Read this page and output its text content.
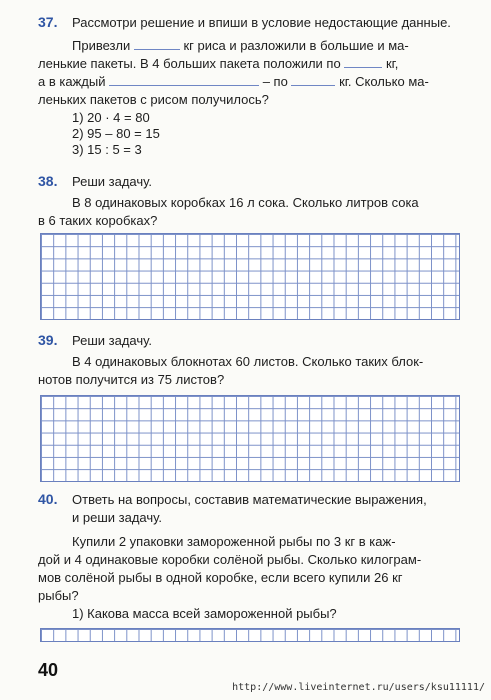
37. Рассмотри решение и впиши в условие недостающие данные.
Привезли	кг риса и разложили в большие и ма-
ленькие пакеты. В 4 больших пакета положили по	кг,
а в каждый	– по	кг. Сколько ма-
леньких пакетов с рисом получилось?
1) 20 · 4 = 80
2) 95 – 80 = 15
3) 15 : 5 = 3
38. Реши задачу.
В 8 одинаковых коробках 16 л сока. Сколько литров сока
в 6 таких коробках?
39. Реши задачу.
В 4 одинаковых блокнотах 60 листов. Сколько таких блок-
нотов получится из 75 листов?
40. Ответь на вопросы, составив математические выражения,
и реши задачу.
Купили 2 упаковки замороженной рыбы по 3 кг в каж-
дой и 4 одинаковые коробки солёной рыбы. Сколько килограм-
мов солёной рыбы в одной коробке, если всего купили 26 кг
рыбы?
1) Какова масса всей замороженной рыбы?
40
http://www.liveinternet.ru/users/ksu11111/
